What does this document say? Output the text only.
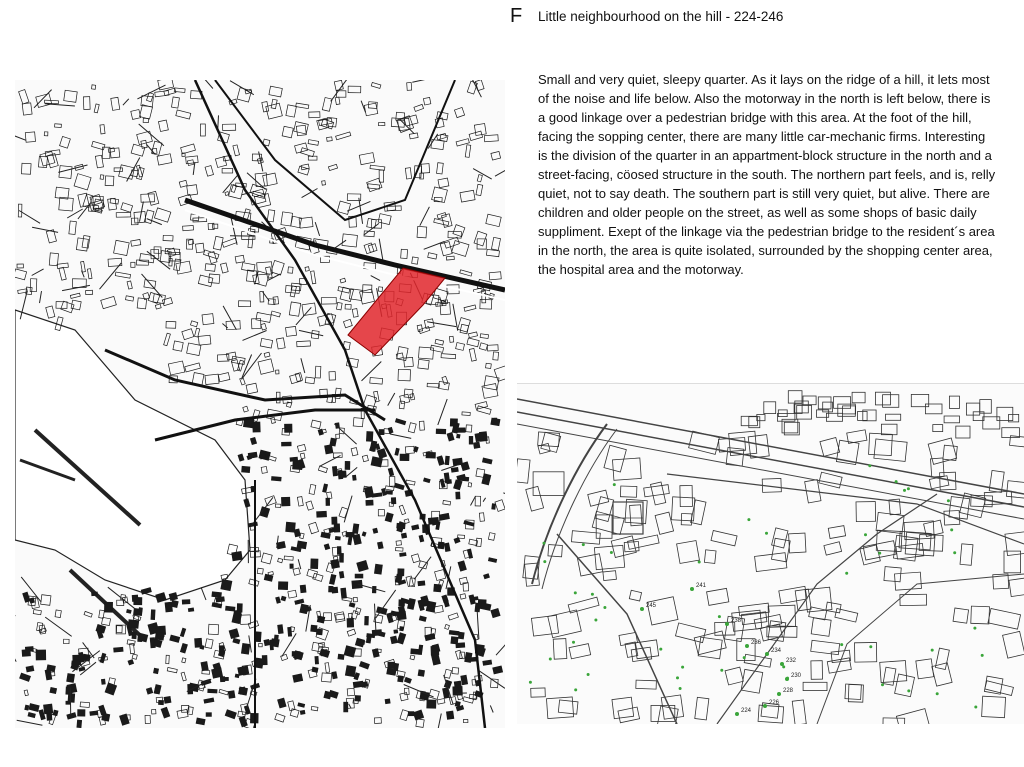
F Little neighbourhood on the hill - 224-246

Small and very quiet, sleepy quarter. As it lays on the ridge of a hill, it lets most of the noise and life below. Also the motorway in the north is left below, there is a good linkage over a pedestrian bridge with this area. At the foot of the hill, facing the sopping center, there are many little car-mechanic firms. Interesting is the division of the quarter in an appartment-block structure in the north and a street-facing, cöosed structure in the south. The northern part feels, and is, relly quiet, not to say death. The southern part is still very quiet, but alive. There are children and older people on the street, as well as some shops of basic daily suppliment. Exept of the linkage via the pedestrian bridge to the resident´s area in the north, the area is quite isolated, surrounded by the shopping center area, the hospital area and the motorway.

245
241
238
236
234
232
230
228
226
224
